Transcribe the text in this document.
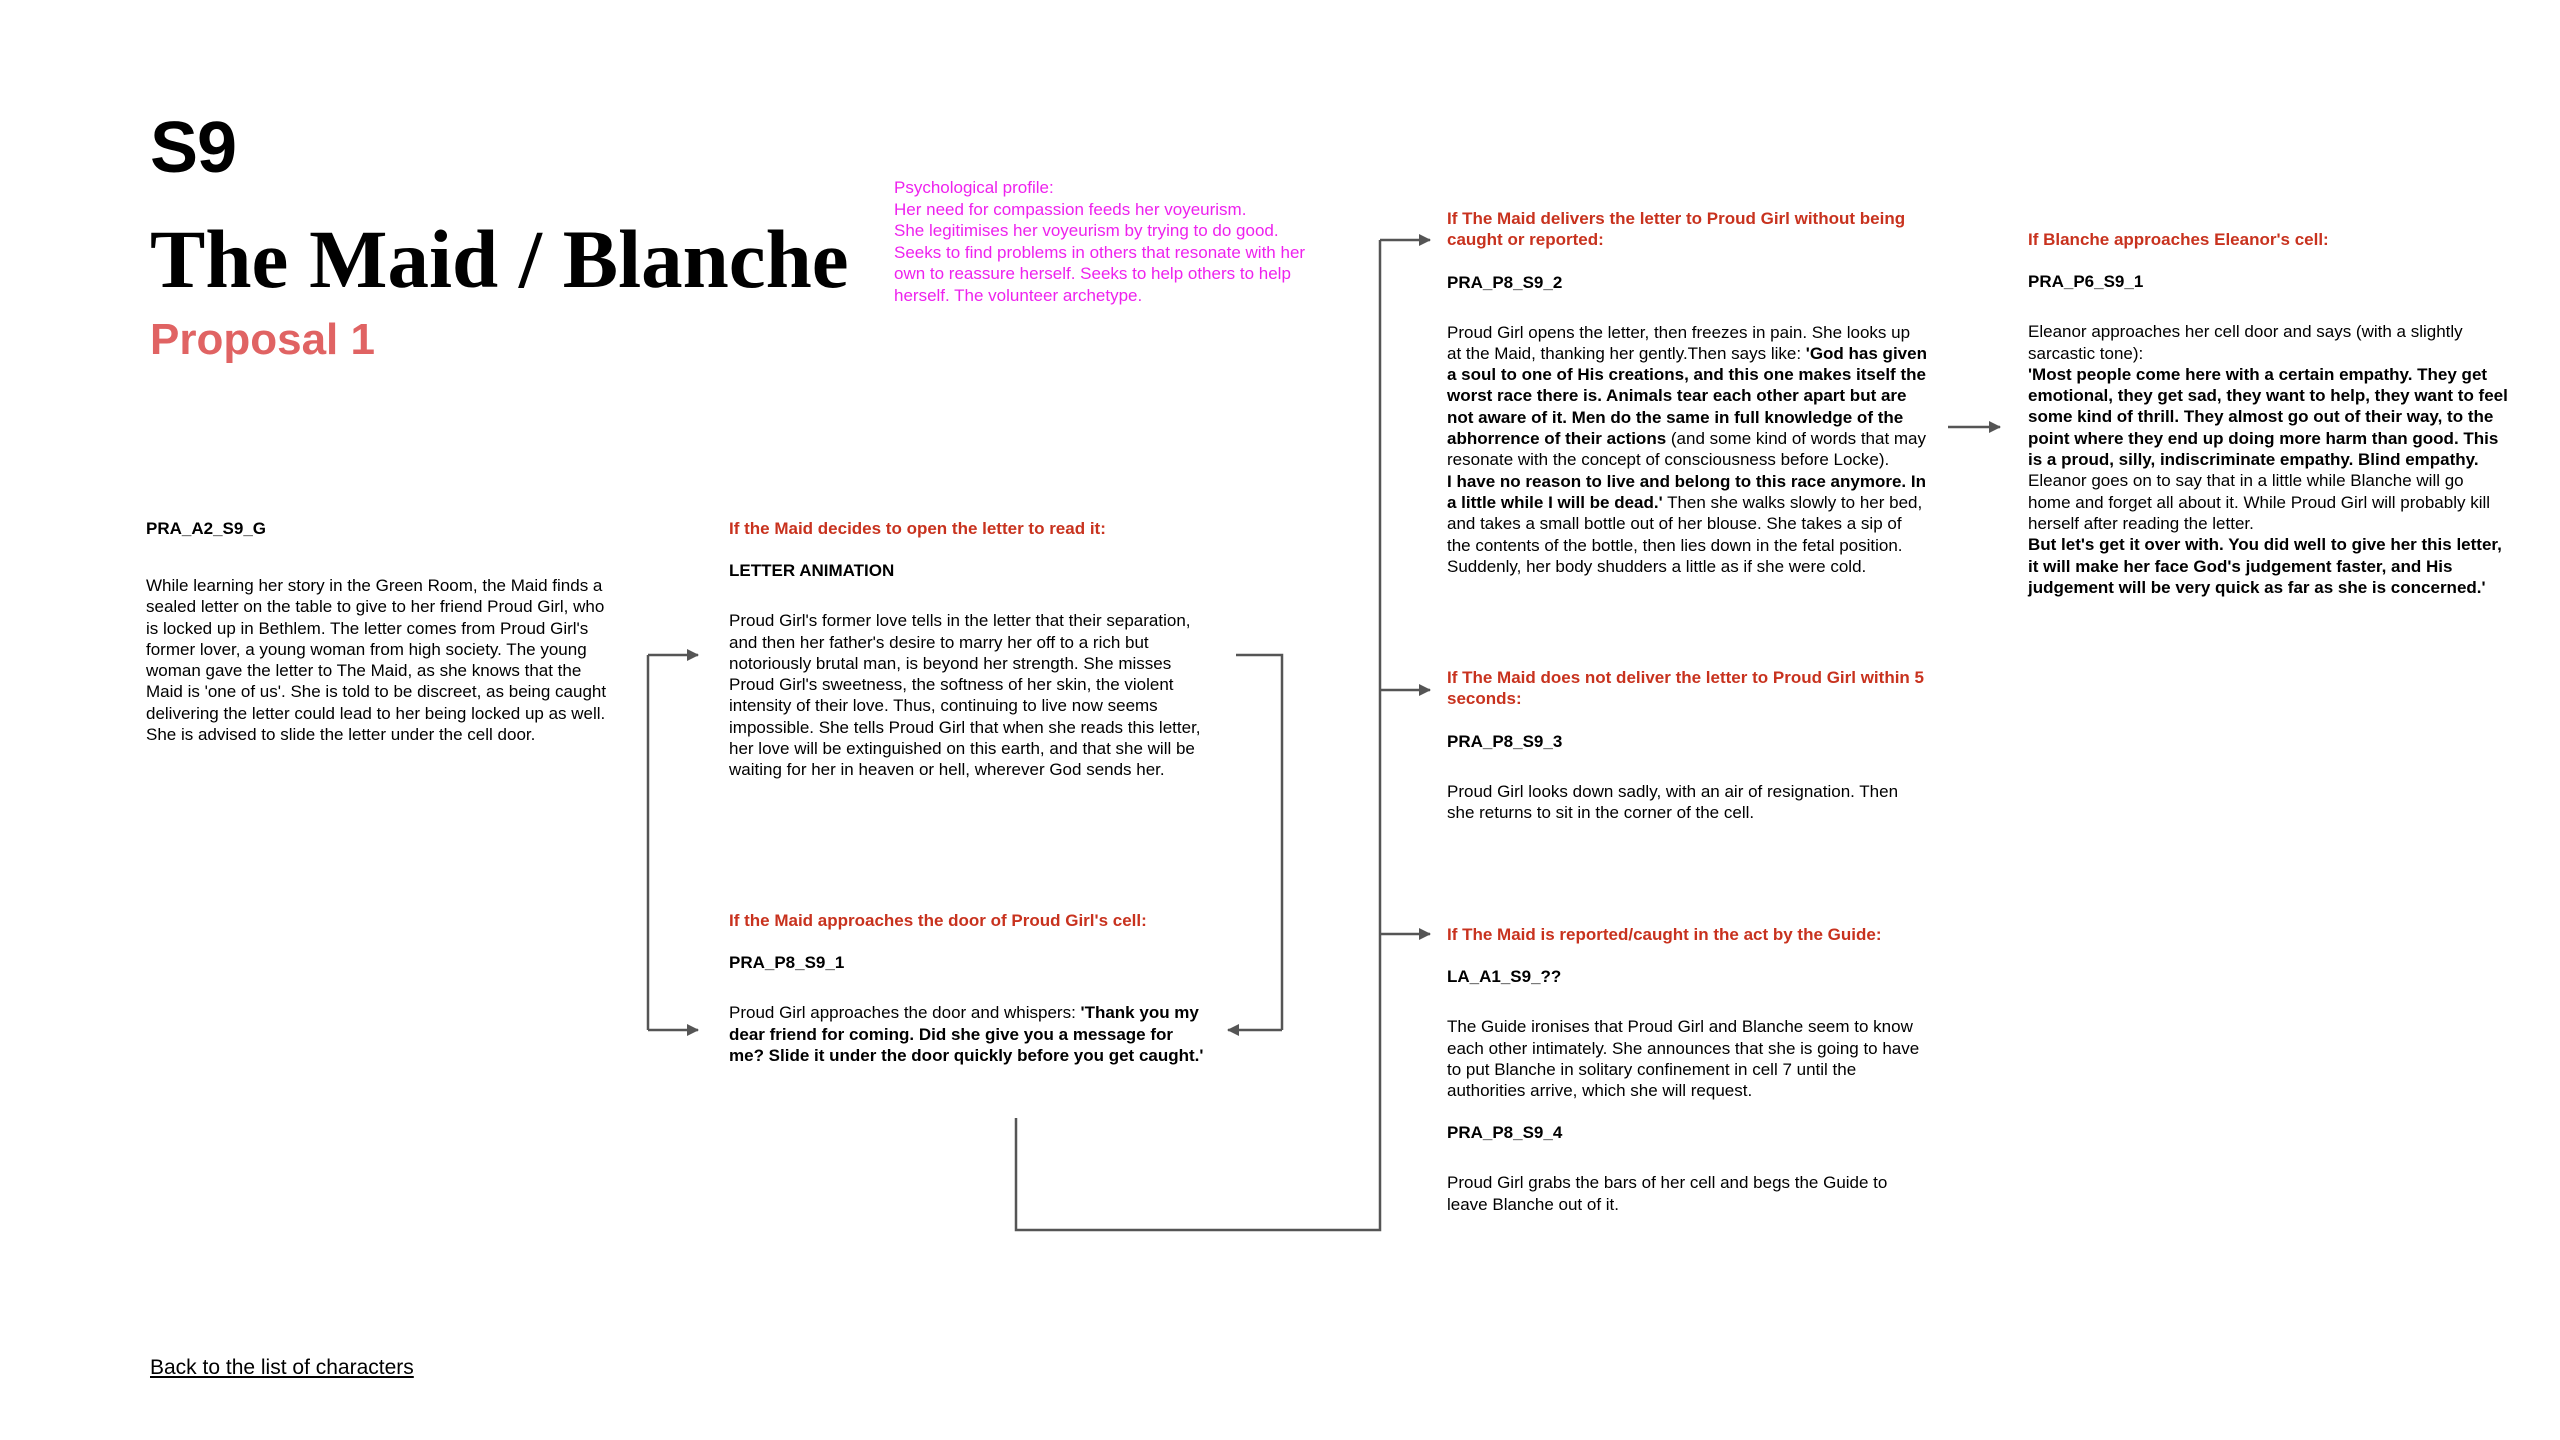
S9
The Maid / Blanche
Proposal 1
Psychological profile:
Her need for compassion feeds her voyeurism.
She legitimises her voyeurism by trying to do good.
Seeks to find problems in others that resonate with her own to reassure herself. Seeks to help others to help herself. The volunteer archetype.
PRA_A2_S9_G
While learning her story in the Green Room, the Maid finds a sealed letter on the table to give to her friend Proud Girl, who is locked up in Bethlem. The letter comes from Proud Girl's former lover, a young woman from high society. The young woman gave the letter to The Maid, as she knows that the Maid is 'one of us'. She is told to be discreet, as being caught delivering the letter could lead to her being locked up as well. She is advised to slide the letter under the cell door.
If the Maid decides to open the letter to read it:
LETTER ANIMATION
Proud Girl's former love tells in the letter that their separation, and then her father's desire to marry her off to a rich but notoriously brutal man, is beyond her strength. She misses Proud Girl's sweetness, the softness of her skin, the violent intensity of their love. Thus, continuing to live now seems impossible. She tells Proud Girl that when she reads this letter, her love will be extinguished on this earth, and that she will be waiting for her in heaven or hell, wherever God sends her.
If the Maid approaches the door of Proud Girl's cell:
PRA_P8_S9_1
Proud Girl approaches the door and whispers: 'Thank you my dear friend for coming. Did she give you a message for me? Slide it under the door quickly before you get caught.'
If The Maid delivers the letter to Proud Girl without being caught or reported:
PRA_P8_S9_2
Proud Girl opens the letter, then freezes in pain. She looks up at the Maid, thanking her gently.Then says like: 'God has given a soul to one of His creations, and this one makes itself the worst race there is. Animals tear each other apart but are not aware of it. Men do the same in full knowledge of the abhorrence of their actions (and some kind of words that may resonate with the concept of consciousness before Locke).
I have no reason to live and belong to this race anymore. In a little while I will be dead.' Then she walks slowly to her bed, and takes a small bottle out of her blouse. She takes a sip of the contents of the bottle, then lies down in the fetal position. Suddenly, her body shudders a little as if she were cold.
If The Maid does not deliver the letter to Proud Girl within 5 seconds:
PRA_P8_S9_3
Proud Girl looks down sadly, with an air of resignation. Then she returns to sit in the corner of the cell.
If The Maid is reported/caught in the act by the Guide:
LA_A1_S9_??
The Guide ironises that Proud Girl and Blanche seem to know each other intimately. She announces that she is going to have to put Blanche in solitary confinement in cell 7 until the authorities arrive, which she will request.
PRA_P8_S9_4
Proud Girl grabs the bars of her cell and begs the Guide to leave Blanche out of it.
If Blanche approaches Eleanor's cell:
PRA_P6_S9_1
Eleanor approaches her cell door and says (with a slightly sarcastic tone):
'Most people come here with a certain empathy. They get emotional, they get sad, they want to help, they want to feel some kind of thrill. They almost go out of their way, to the point where they end up doing more harm than good. This is a proud, silly, indiscriminate empathy. Blind empathy. Eleanor goes on to say that in a little while Blanche will go home and forget all about it. While Proud Girl will probably kill herself after reading the letter.
But let's get it over with. You did well to give her this letter, it will make her face God's judgement faster, and His judgement will be very quick as far as she is concerned.'
Back to the list of characters
